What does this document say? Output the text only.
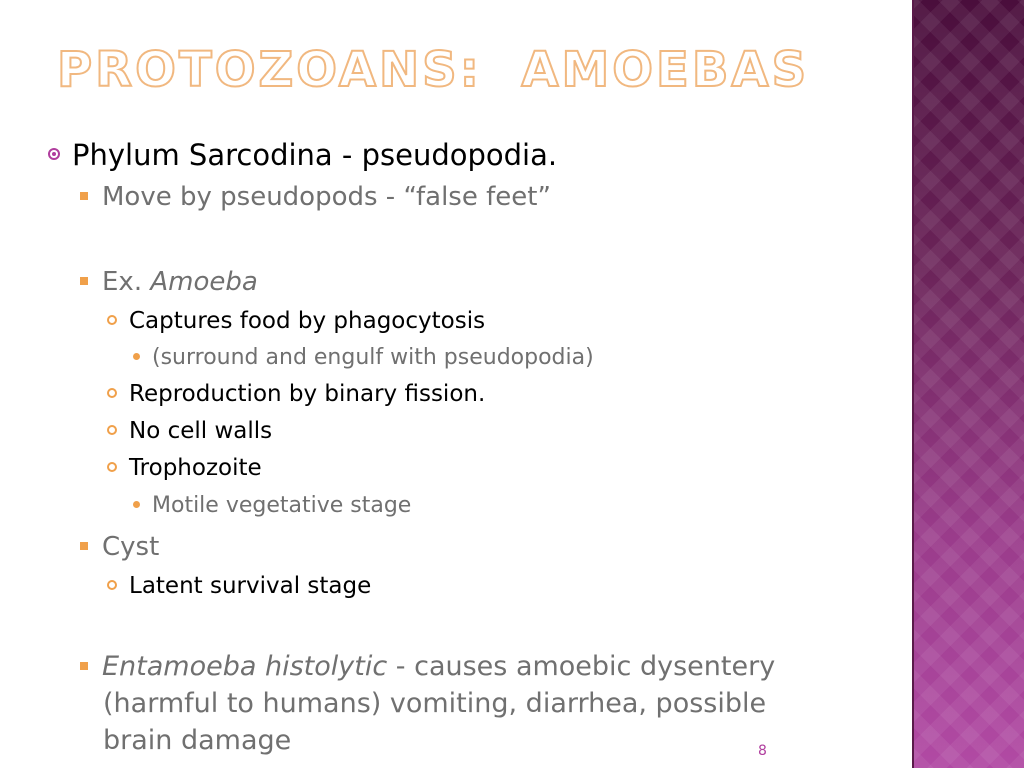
PROTOZOANS:  AMOEBAS
Phylum Sarcodina - pseudopodia.
Move by pseudopods - “false feet”
Ex. Amoeba
Captures food by phagocytosis
(surround and engulf with pseudopodia)
Reproduction by binary fission.
No cell walls
Trophozoite
Motile vegetative stage
Cyst
Latent survival stage
Entamoeba histolytic - causes amoebic dysentery
(harmful to humans) vomiting, diarrhea, possible
brain damage	8
